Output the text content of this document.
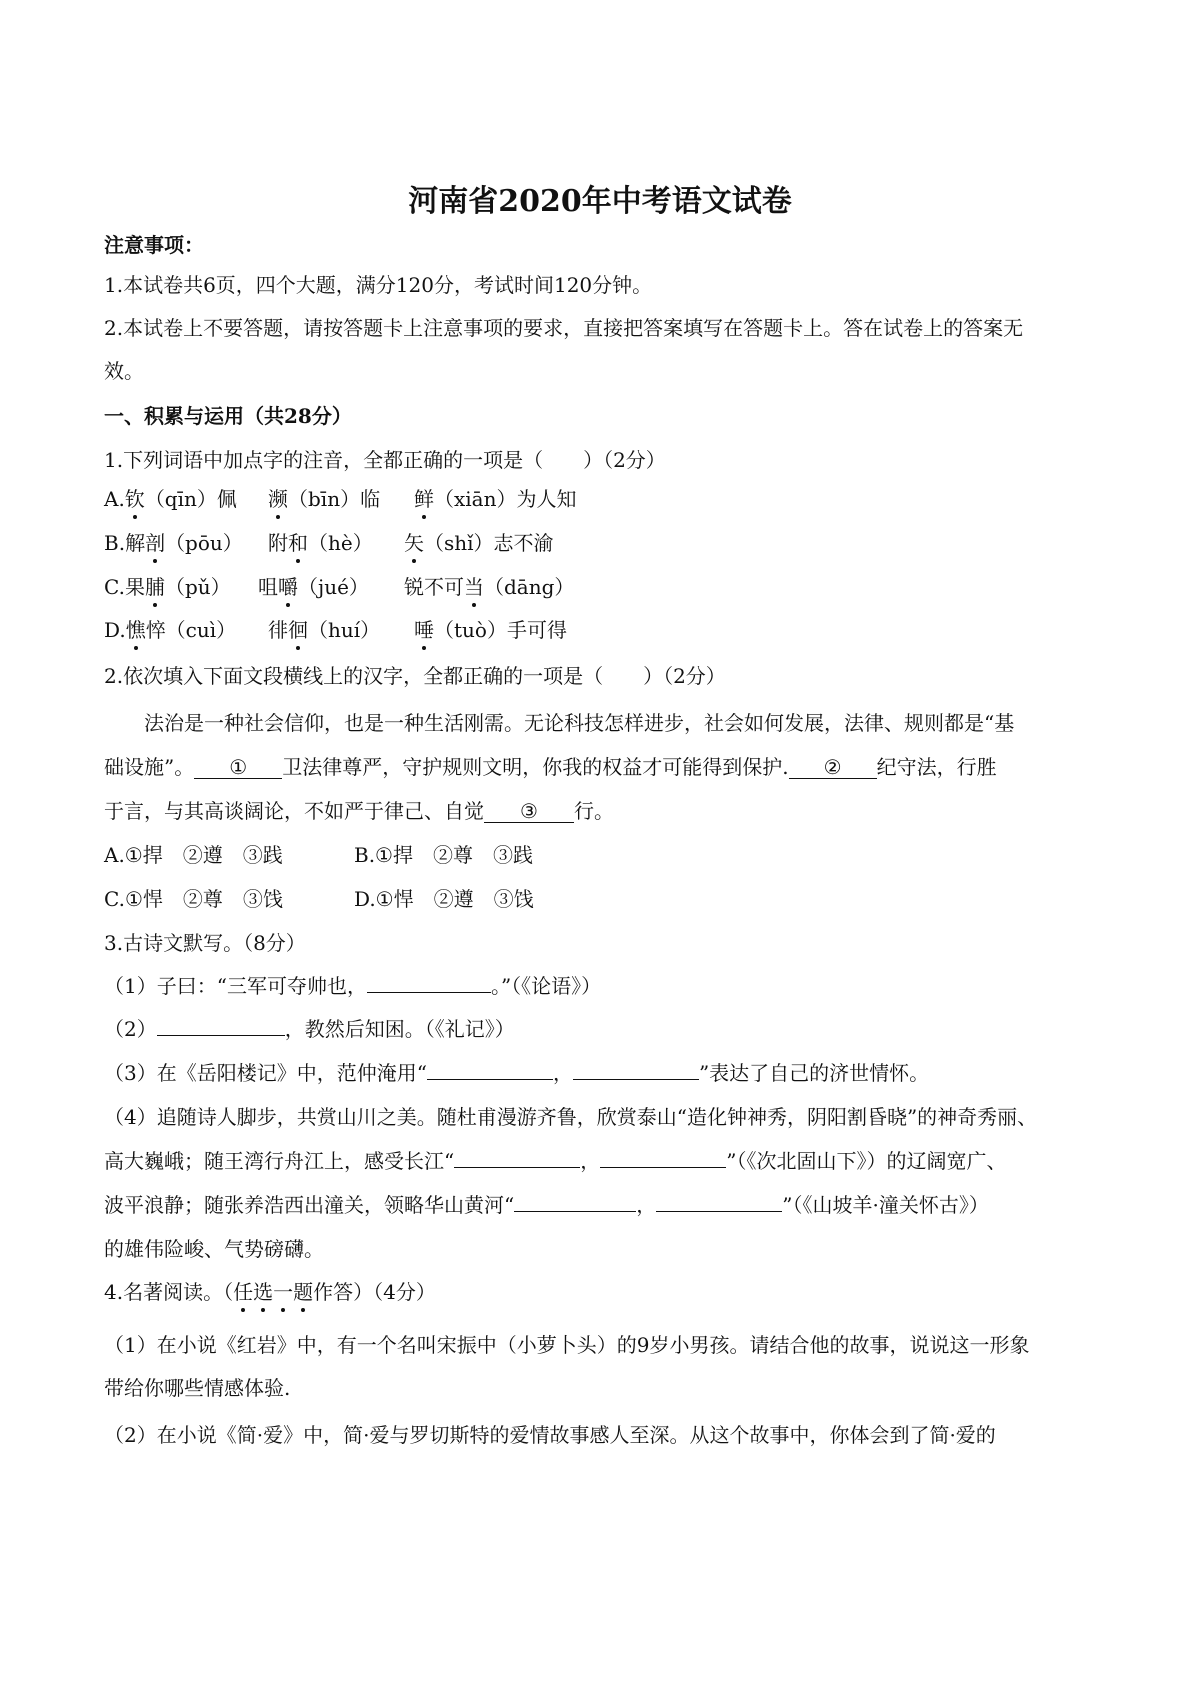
河南省2020年中考语文试卷

注意事项：

1.本试卷共6页，四个大题，满分120分，考试时间120分钟。

2.本试卷上不要答题，请按答题卡上注意事项的要求，直接把答案填写在答题卡上。答在试卷上的答案无

效。

一、积累与运用（共28分）

1.下列词语中加点字的注音，全都正确的一项是（　　）（2分）

A.钦（qīn）佩 濒（bīn）临 鲜（xiān）为人知
B.解剖（pōu） 附和（hè） 矢（shǐ）志不渝
C.果脯（pǔ） 咀嚼（jué） 锐不可当（dāng）
D.憔悴（cuì） 徘徊（huí） 唾（tuò）手可得

2.依次填入下面文段横线上的汉字，全都正确的一项是（　　）（2分）

法治是一种社会信仰，也是一种生活刚需。无论科技怎样进步，社会如何发展，法律、规则都是“基

础设施”。 ① 卫法律尊严，守护规则文明，你我的权益才可能得到保护. ② 纪守法，行胜

于言，与其高谈阔论，不如严于律己、自觉 ③ 行。

A.①捍　②遵　③践	B.①捍　②尊　③践

C.①悍　②尊　③饯	D.①悍　②遵　③饯

3.古诗文默写。（8分）

（1）子曰：“三军可夺帅也，	。”（《论语》）

（2）	，教然后知困。（《礼记》）

（3）在《岳阳楼记》中，范仲淹用“	，	”表达了自己的济世情怀。

（4）追随诗人脚步，共赏山川之美。随杜甫漫游齐鲁，欣赏泰山“造化钟神秀，阴阳割昏晓”的神奇秀丽、

高大巍峨；随王湾行舟江上，感受长江“	，	”（《次北固山下》）的辽阔宽广、

波平浪静；随张养浩西出潼关，领略华山黄河“	，	”（《山坡羊·潼关怀古》）

的雄伟险峻、气势磅礴。

4.名著阅读。（任选一题作答）（4分）

（1）在小说《红岩》中，有一个名叫宋振中（小萝卜头）的9岁小男孩。请结合他的故事，说说这一形象

带给你哪些情感体验.

（2）在小说《简·爱》中，简·爱与罗切斯特的爱情故事感人至深。从这个故事中，你体会到了简·爱的
